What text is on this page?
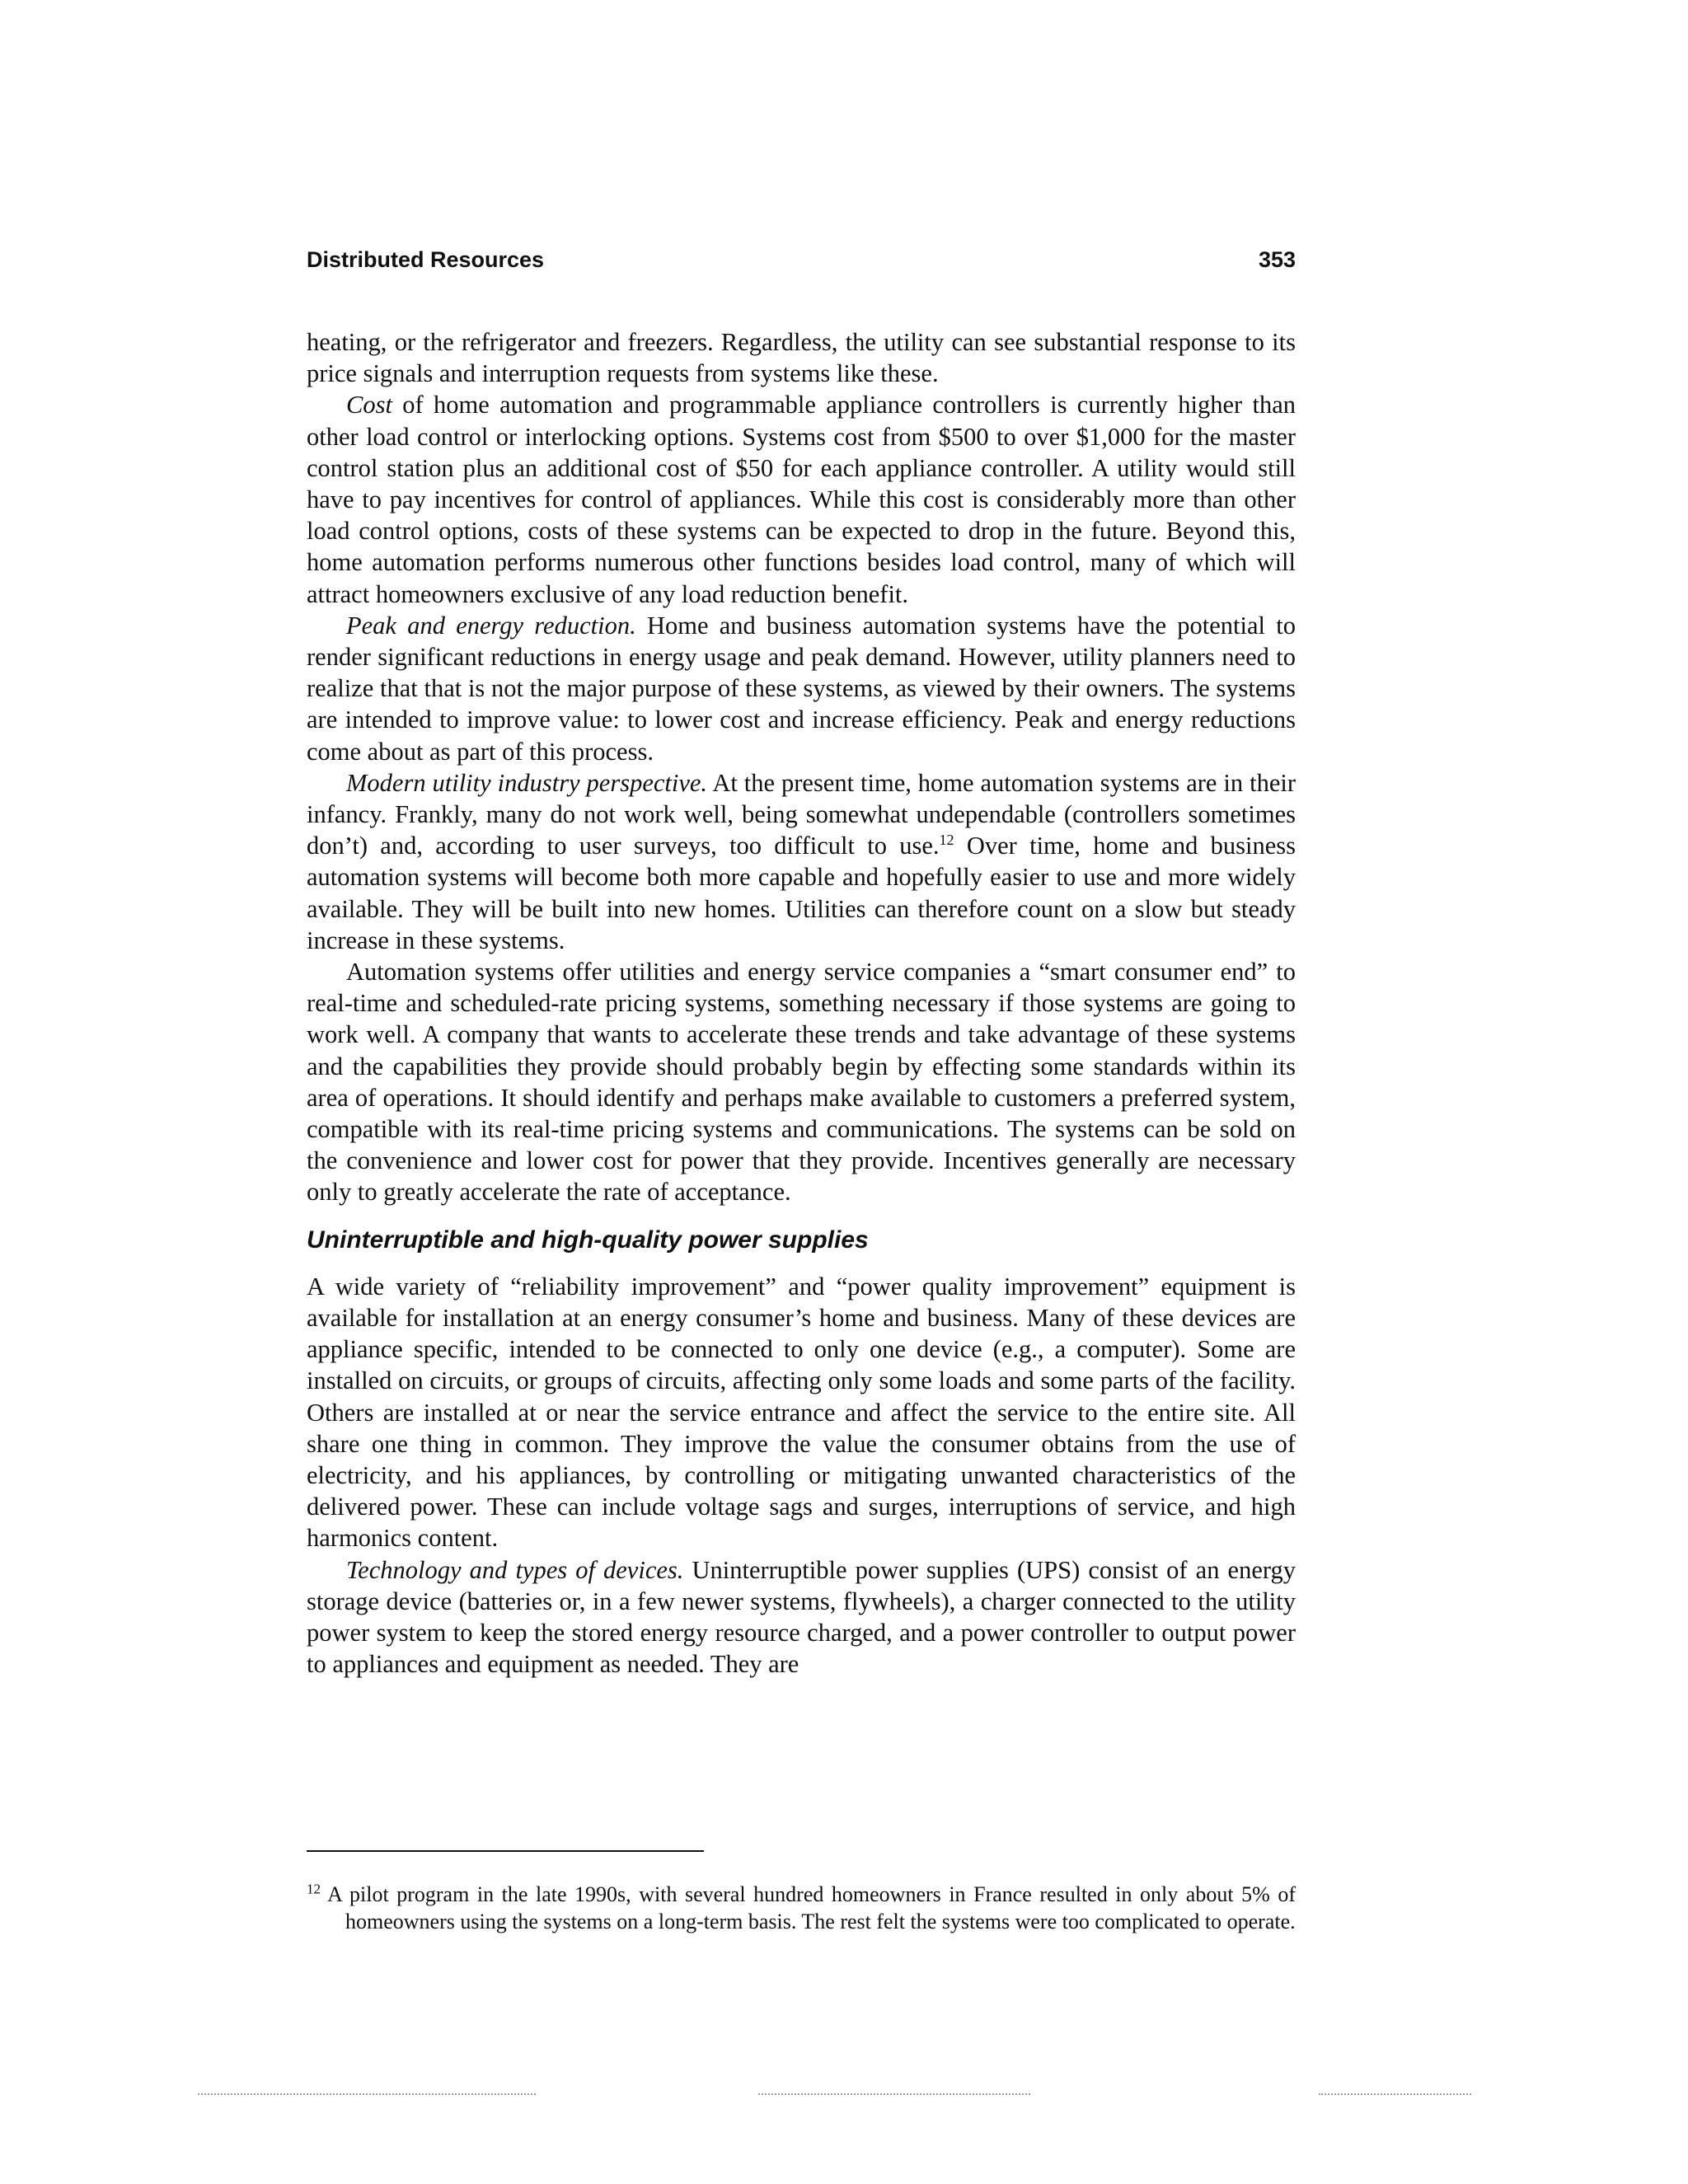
Distributed Resources	353

heating, or the refrigerator and freezers. Regardless, the utility can see substantial response to its price signals and interruption requests from systems like these.

Cost of home automation and programmable appliance controllers is currently higher than other load control or interlocking options. Systems cost from $500 to over $1,000 for the master control station plus an additional cost of $50 for each appliance controller. A utility would still have to pay incentives for control of appliances. While this cost is considerably more than other load control options, costs of these systems can be expected to drop in the future. Beyond this, home automation performs numerous other functions besides load control, many of which will attract homeowners exclusive of any load reduction benefit.

Peak and energy reduction. Home and business automation systems have the potential to render significant reductions in energy usage and peak demand. However, utility planners need to realize that that is not the major purpose of these systems, as viewed by their owners. The systems are intended to improve value: to lower cost and increase efficiency. Peak and energy reductions come about as part of this process.

Modern utility industry perspective. At the present time, home automation systems are in their infancy. Frankly, many do not work well, being somewhat undependable (controllers sometimes don’t) and, according to user surveys, too difficult to use.$^{12}$ Over time, home and business automation systems will become both more capable and hopefully easier to use and more widely available. They will be built into new homes. Utilities can therefore count on a slow but steady increase in these systems.

Automation systems offer utilities and energy service companies a “smart consumer end” to real-time and scheduled-rate pricing systems, something necessary if those systems are going to work well. A company that wants to accelerate these trends and take advantage of these systems and the capabilities they provide should probably begin by effecting some standards within its area of operations. It should identify and perhaps make available to customers a preferred system, compatible with its real-time pricing systems and communications. The systems can be sold on the convenience and lower cost for power that they provide. Incentives generally are necessary only to greatly accelerate the rate of acceptance.

Uninterruptible and high-quality power supplies

A wide variety of “reliability improvement” and “power quality improvement” equipment is available for installation at an energy consumer’s home and business. Many of these devices are appliance specific, intended to be connected to only one device (e.g., a computer). Some are installed on circuits, or groups of circuits, affecting only some loads and some parts of the facility. Others are installed at or near the service entrance and affect the service to the entire site. All share one thing in common. They improve the value the consumer obtains from the use of electricity, and his appliances, by controlling or mitigating unwanted characteristics of the delivered power. These can include voltage sags and surges, interruptions of service, and high harmonics content.

Technology and types of devices. Uninterruptible power supplies (UPS) consist of an energy storage device (batteries or, in a few newer systems, flywheels), a charger connected to the utility power system to keep the stored energy resource charged, and a power controller to output power to appliances and equipment as needed. They are

$^{12}$ A pilot program in the late 1990s, with several hundred homeowners in France resulted in only about 5% of homeowners using the systems on a long-term basis. The rest felt the systems were too complicated to operate.
